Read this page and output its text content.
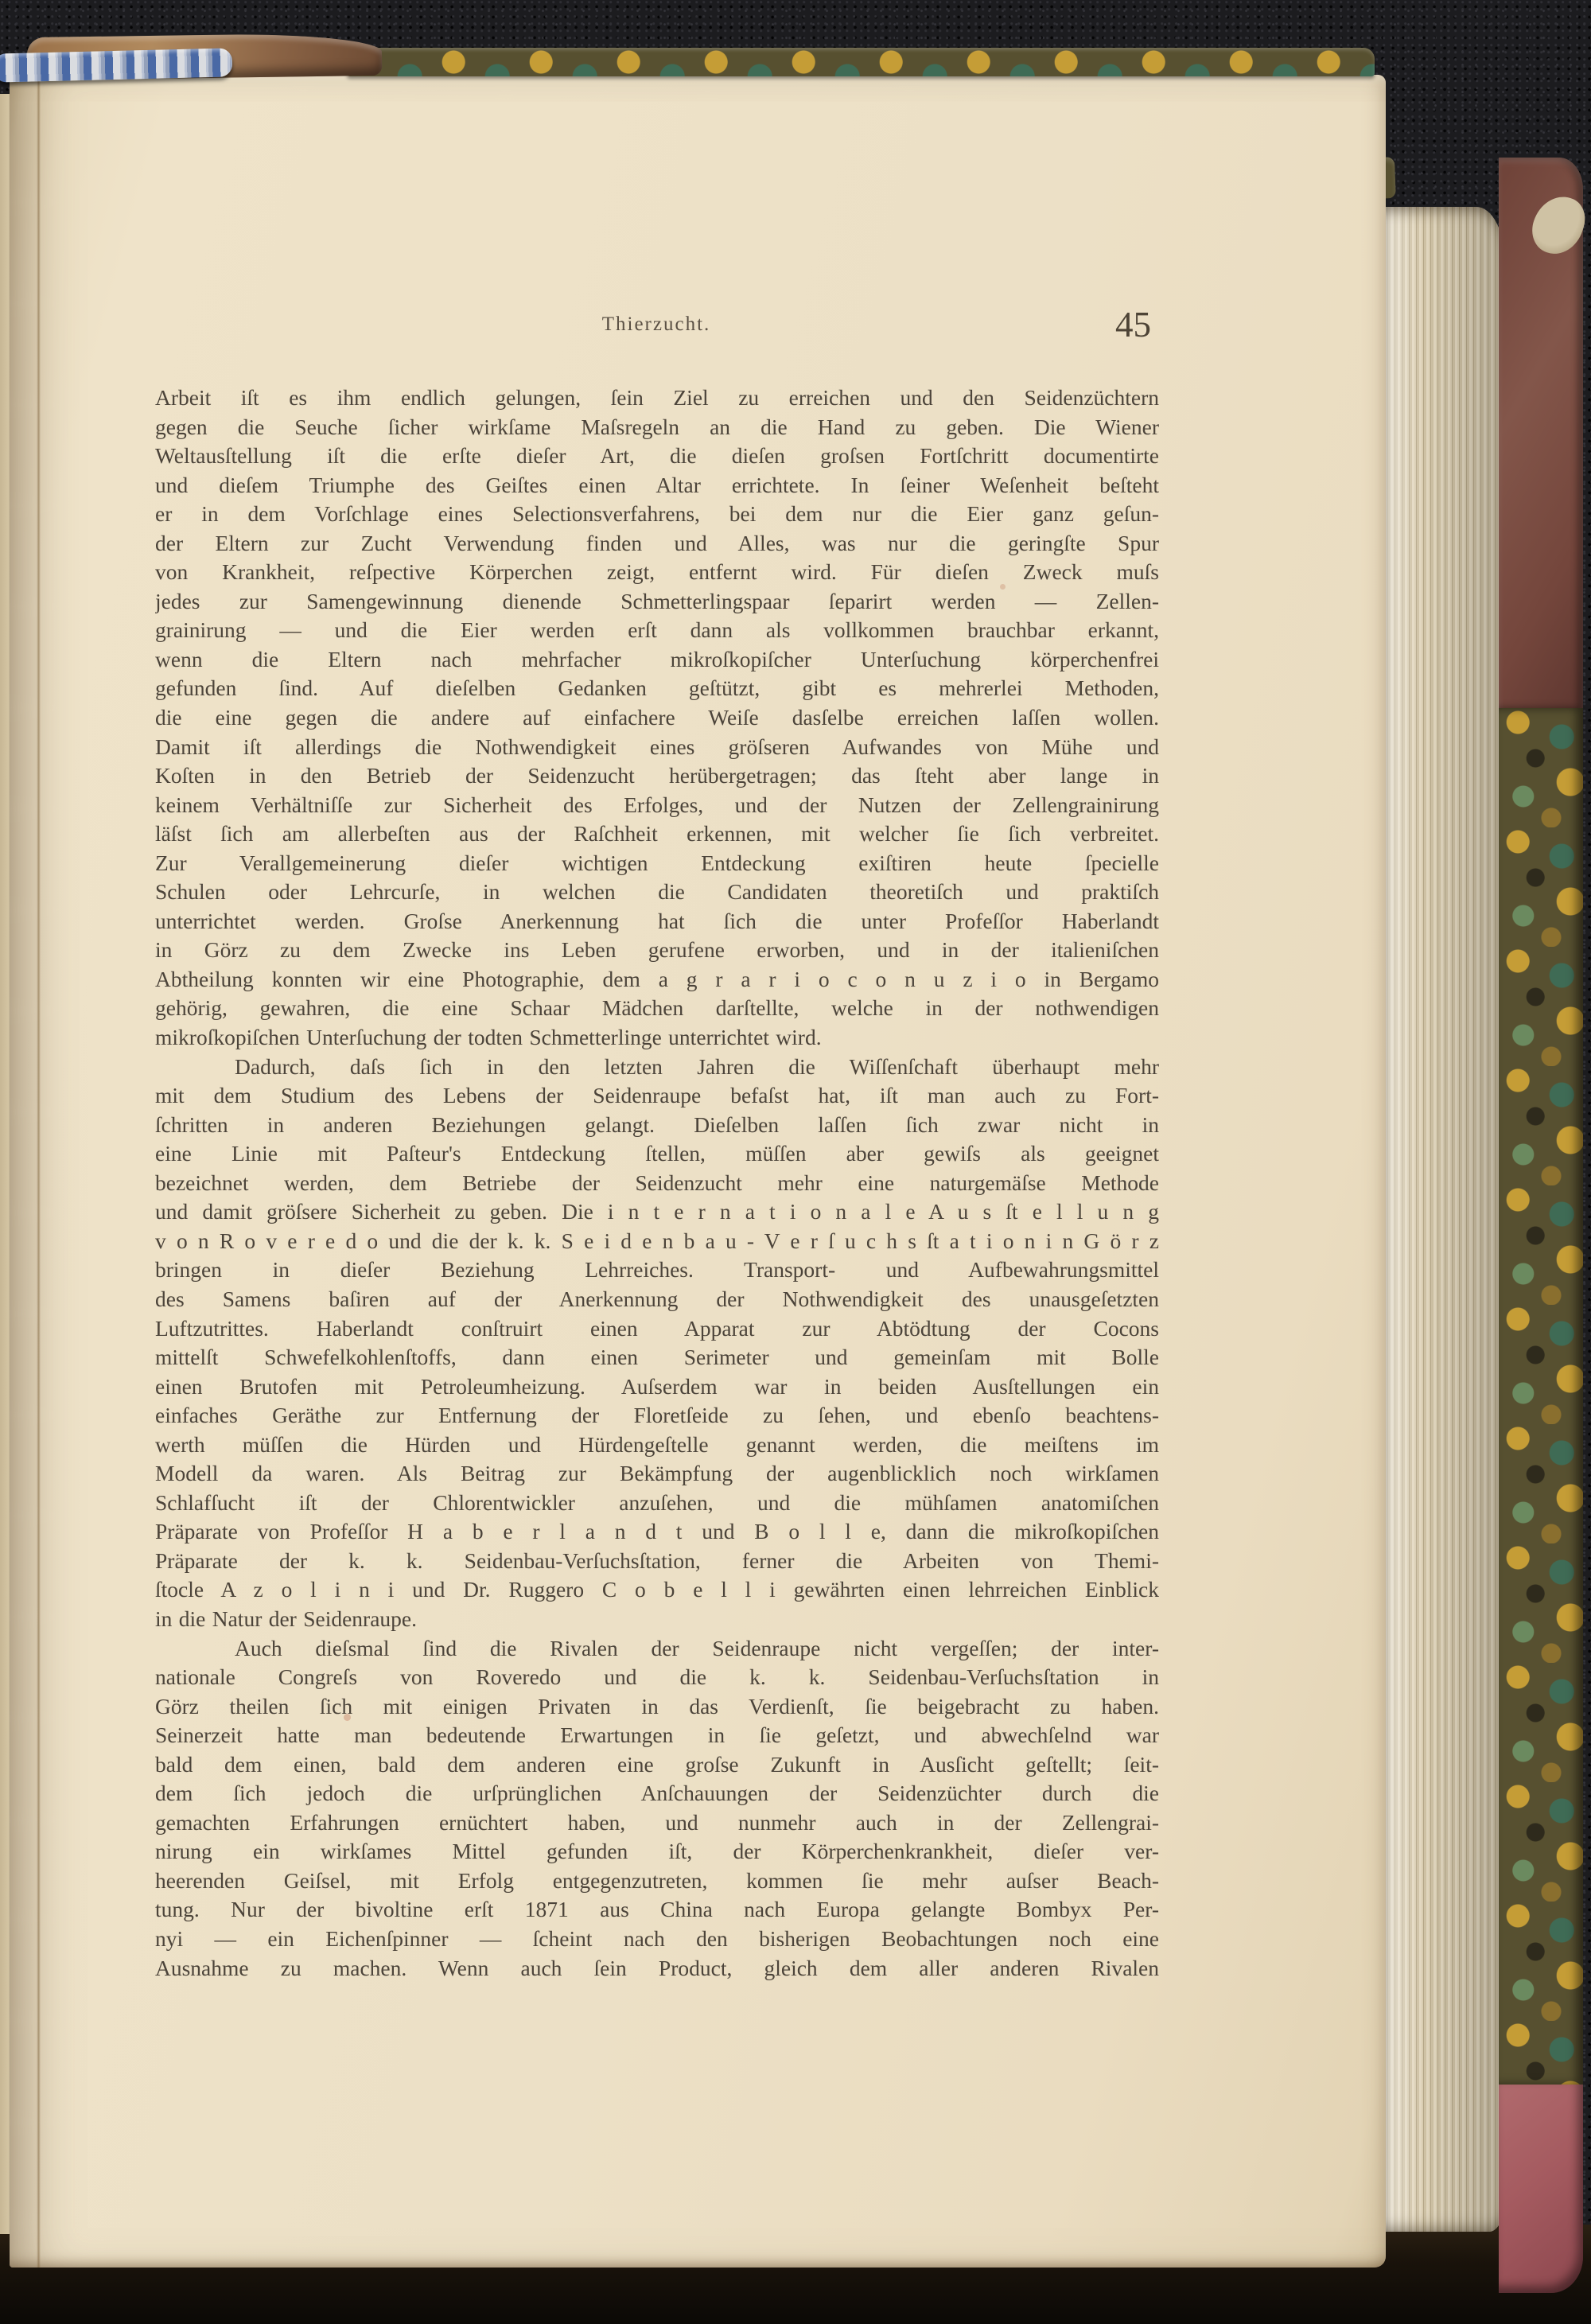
Thierzucht.	45
Arbeit iſt es ihm endlich gelungen, ſein Ziel zu erreichen und den Seidenzüchtern
gegen die Seuche ſicher wirkſame Maſsregeln an die Hand zu geben. Die Wiener
Weltausſtellung iſt die erſte dieſer Art, die dieſen groſsen Fortſchritt documentirte
und dieſem Triumphe des Geiſtes einen Altar errichtete. In ſeiner Weſenheit beſteht
er in dem Vorſchlage eines Selectionsverfahrens, bei dem nur die Eier ganz geſun-
der Eltern zur Zucht Verwendung finden und Alles, was nur die geringſte Spur
von Krankheit, reſpective Körperchen zeigt, entfernt wird. Für dieſen Zweck muſs
jedes zur Samengewinnung dienende Schmetterlingspaar ſeparirt werden — Zellen-
grainirung — und die Eier werden erſt dann als vollkommen brauchbar erkannt,
wenn die Eltern nach mehrfacher mikroſkopiſcher Unterſuchung körperchenfrei
gefunden ſind. Auf dieſelben Gedanken geſtützt, gibt es mehrerlei Methoden,
die eine gegen die andere auf einfachere Weiſe dasſelbe erreichen laſſen wollen.
Damit iſt allerdings die Nothwendigkeit eines gröſseren Aufwandes von Mühe und
Koſten in den Betrieb der Seidenzucht herübergetragen; das ſteht aber lange in
keinem Verhältniſſe zur Sicherheit des Erfolges, und der Nutzen der Zellengrainirung
läſst ſich am allerbeſten aus der Raſchheit erkennen, mit welcher ſie ſich verbreitet.
Zur Verallgemeinerung dieſer wichtigen Entdeckung exiſtiren heute ſpecielle
Schulen oder Lehrcurſe, in welchen die Candidaten theoretiſch und praktiſch
unterrichtet werden. Groſse Anerkennung hat ſich die unter Profeſſor Haberlandt
in Görz zu dem Zwecke ins Leben gerufene erworben, und in der italieniſchen
Abtheilung konnten wir eine Photographie, dem a g r a r i o c o n u z i o in Bergamo
gehörig, gewahren, die eine Schaar Mädchen darſtellte, welche in der nothwendigen
mikroſkopiſchen Unterſuchung der todten Schmetterlinge unterrichtet wird.
Dadurch, daſs ſich in den letzten Jahren die Wiſſenſchaft überhaupt mehr
mit dem Studium des Lebens der Seidenraupe befaſst hat, iſt man auch zu Fort-
ſchritten in anderen Beziehungen gelangt. Dieſelben laſſen ſich zwar nicht in
eine Linie mit Paſteur's Entdeckung ſtellen, müſſen aber gewiſs als geeignet
bezeichnet werden, dem Betriebe der Seidenzucht mehr eine naturgemäſse Methode
und damit gröſsere Sicherheit zu geben. Die i n t e r n a t i o n a l e A u s ſt e l l u n g
v o n R o v e r e d o und die der k. k. S e i d e n b a u - V e r ſ u c h s ſt a t i o n i n G ö r z
bringen in dieſer Beziehung Lehrreiches. Transport- und Aufbewahrungsmittel
des Samens baſiren auf der Anerkennung der Nothwendigkeit des unausgeſetzten
Luftzutrittes. Haberlandt conſtruirt einen Apparat zur Abtödtung der Cocons
mittelſt Schwefelkohlenſtoffs, dann einen Serimeter und gemeinſam mit Bolle
einen Brutofen mit Petroleumheizung. Auſserdem war in beiden Ausſtellungen ein
einfaches Geräthe zur Entfernung der Floretſeide zu ſehen, und ebenſo beachtens-
werth müſſen die Hürden und Hürdengeſtelle genannt werden, die meiſtens im
Modell da waren. Als Beitrag zur Bekämpfung der augenblicklich noch wirkſamen
Schlafſucht iſt der Chlorentwickler anzuſehen, und die mühſamen anatomiſchen
Präparate von Profeſſor H a b e r l a n d t und B o l l e, dann die mikroſkopiſchen
Präparate der k. k. Seidenbau-Verſuchsſtation, ferner die Arbeiten von Themi-
ſtocle A z o l i n i und Dr. Ruggero C o b e l l i gewährten einen lehrreichen Einblick
in die Natur der Seidenraupe.
Auch dieſsmal ſind die Rivalen der Seidenraupe nicht vergeſſen; der inter-
nationale Congreſs von Roveredo und die k. k. Seidenbau-Verſuchsſtation in
Görz theilen ſich mit einigen Privaten in das Verdienſt, ſie beigebracht zu haben.
Seinerzeit hatte man bedeutende Erwartungen in ſie geſetzt, und abwechſelnd war
bald dem einen, bald dem anderen eine groſse Zukunft in Ausſicht geſtellt; ſeit-
dem ſich jedoch die urſprünglichen Anſchauungen der Seidenzüchter durch die
gemachten Erfahrungen ernüchtert haben, und nunmehr auch in der Zellengrai-
nirung ein wirkſames Mittel gefunden iſt, der Körperchenkrankheit, dieſer ver-
heerenden Geiſsel, mit Erfolg entgegenzutreten, kommen ſie mehr auſser Beach-
tung. Nur der bivoltine erſt 1871 aus China nach Europa gelangte Bombyx Per-
nyi — ein Eichenſpinner — ſcheint nach den bisherigen Beobachtungen noch eine
Ausnahme zu machen. Wenn auch ſein Product, gleich dem aller anderen Rivalen
